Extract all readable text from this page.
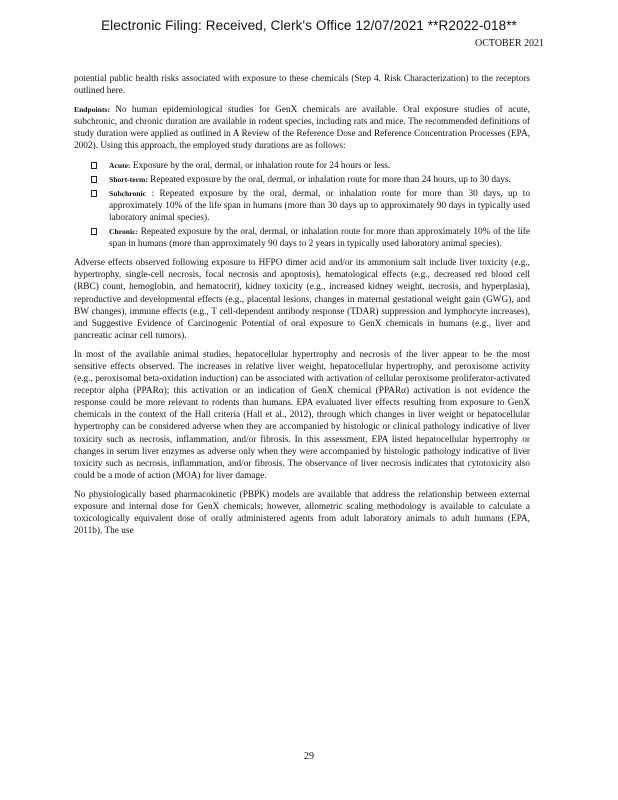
Electronic Filing: Received, Clerk's Office 12/07/2021 **R2022-018**
OCTOBER 2021

potential public health risks associated with exposure to these chemicals (Step 4. Risk Characterization) to the receptors outlined here.

Endpoints: No human epidemiological studies for GenX chemicals are available. Oral exposure studies of acute, subchronic, and chronic duration are available in rodent species, including rats and mice. The recommended definitions of study duration were applied as outlined in A Review of the Reference Dose and Reference Concentration Processes (EPA, 2002). Using this approach, the employed study durations are as follows:

Acute: Exposure by the oral, dermal, or inhalation route for 24 hours or less.
Short-term: Repeated exposure by the oral, dermal, or inhalation route for more than 24 hours, up to 30 days.
Subchronic : Repeated exposure by the oral, dermal, or inhalation route for more than 30 days, up to approximately 10% of the life span in humans (more than 30 days up to approximately 90 days in typically used laboratory animal species).
Chronic: Repeated exposure by the oral, dermal, or inhalation route for more than approximately 10% of the life span in humans (more than approximately 90 days to 2 years in typically used laboratory animal species).

Adverse effects observed following exposure to HFPO dimer acid and/or its ammonium salt include liver toxicity (e.g., hypertrophy, single-cell necrosis, focal necrosis and apoptosis), hematological effects (e.g., decreased red blood cell (RBC) count, hemoglobin, and hematocrit), kidney toxicity (e.g., increased kidney weight, necrosis, and hyperplasia), reproductive and developmental effects (e.g., placental lesions, changes in maternal gestational weight gain (GWG), and BW changes), immune effects (e.g., T cell-dependent antibody response (TDAR) suppression and lymphocyte increases), and Suggestive Evidence of Carcinogenic Potential of oral exposure to GenX chemicals in humans (e.g., liver and pancreatic acinar cell tumors).

In most of the available animal studies, hepatocellular hypertrophy and necrosis of the liver appear to be the most sensitive effects observed. The increases in relative liver weight, hepatocellular hypertrophy, and peroxisome activity (e.g., peroxisomal beta-oxidation induction) can be associated with activation of cellular peroxisome proliferator-activated receptor alpha (PPARα); this activation or an indication of GenX chemical (PPARα) activation is not evidence the response could be more relevant to rodents than humans. EPA evaluated liver effects resulting from exposure to GenX chemicals in the context of the Hall criteria (Hall et al., 2012), through which changes in liver weight or hepatocellular hypertrophy can be considered adverse when they are accompanied by histologic or clinical pathology indicative of liver toxicity such as necrosis, inflammation, and/or fibrosis. In this assessment, EPA listed hepatocellular hypertrophy or changes in serum liver enzymes as adverse only when they were accompanied by histologic pathology indicative of liver toxicity such as necrosis, inflammation, and/or fibrosis. The observance of liver necrosis indicates that cytotoxicity also could be a mode of action (MOA) for liver damage.

No physiologically based pharmacokinetic (PBPK) models are available that address the relationship between external exposure and internal dose for GenX chemicals; however, allometric scaling methodology is available to calculate a toxicologically equivalent dose of orally administered agents from adult laboratory animals to adult humans (EPA, 2011b). The use

29
